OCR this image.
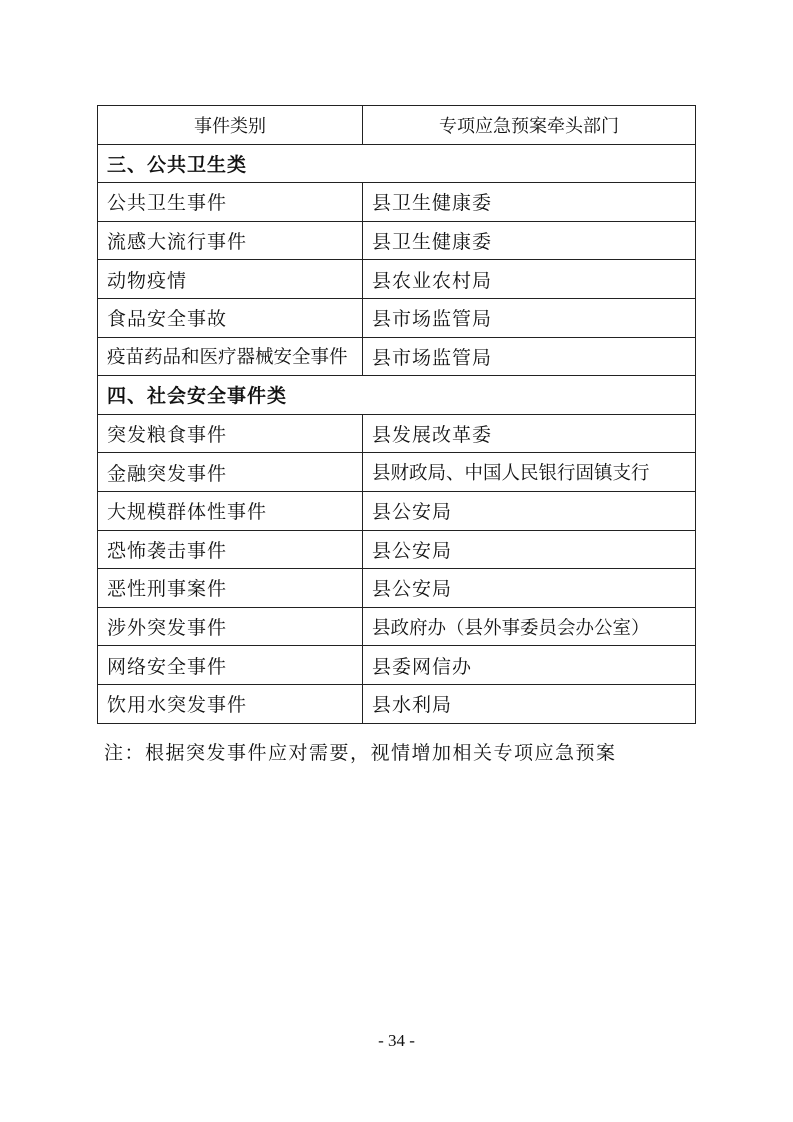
事件类别	专项应急预案牵头部门
三、公共卫生类	
公共卫生事件	县卫生健康委
流感大流行事件	县卫生健康委
动物疫情	县农业农村局
食品安全事故	县市场监管局
疫苗药品和医疗器械安全事件	县市场监管局
四、社会安全事件类	
突发粮食事件	县发展改革委
金融突发事件	县财政局、中国人民银行固镇支行
大规模群体性事件	县公安局
恐怖袭击事件	县公安局
恶性刑事案件	县公安局
涉外突发事件	县政府办（县外事委员会办公室）
网络安全事件	县委网信办
饮用水突发事件	县水利局
注：根据突发事件应对需要，视情增加相关专项应急预案
- 34 -
